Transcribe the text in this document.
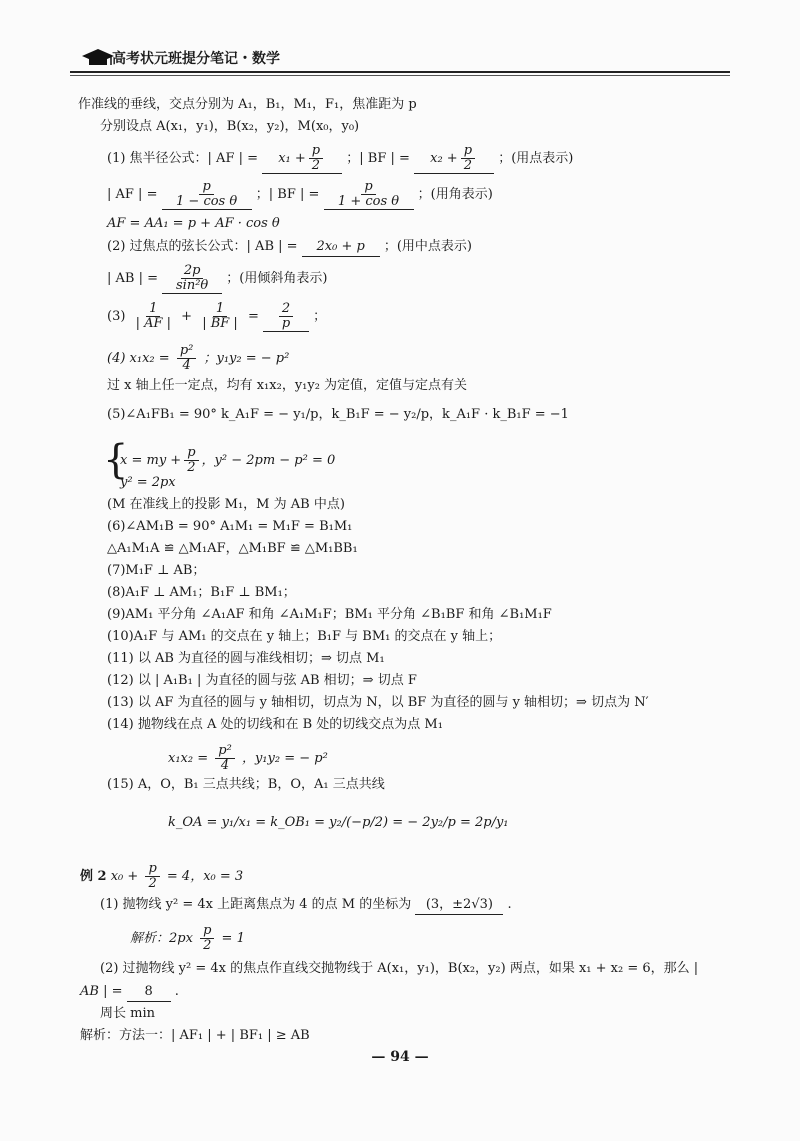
高考状元班提分笔记・数学
作准线的垂线，交点分别为 A₁，B₁，M₁，F₁，焦准距为 p
分别设点 A(x₁，y₁)，B(x₂，y₂)，M(x₀，y₀)
(1) 焦半径公式：| AF | = $x_1 + \frac{p}{2}$ ；| BF | = $x_2 + \frac{p}{2}$ ；(用点表示)
| AF | = $\frac{p}{\text{1 − cos θ}}$ ；| BF | = $\frac{p}{\text{1 + cos θ}}$ ；(用角表示)
AF = AA₁ = p + AF · cos θ
(2) 过焦点的弦长公式：| AB | = 2x₀ + p ；(用中点表示)
| AB | = $\frac{2p}{\text{sin²θ}}$ ；(用倾斜角表示)
$(3) \frac{1}{| AF |} + \frac{1}{| BF |} = \frac{2}{p}$ ；
(4) $x_1x_2 = \frac{\text{p²}}{4}$ ；y₁y₂ = − p²
过 x 轴上任一定点，均有 x₁x₂，y₁y₂ 为定值，定值与定点有关
(5)∠A₁FB₁ = 90° k_A₁F = − y₁/p，k_B₁F = − y₂/p，k_A₁F · k_B₁F = −1
{
x = my + $\frac{p}{2}$ ，y² − 2pm − p² = 0
y² = 2px
(M 在准线上的投影 M₁，M 为 AB 中点)
(6)∠AM₁B = 90° A₁M₁ = M₁F = B₁M₁
△A₁M₁A ≌ △M₁AF，△M₁BF ≌ △M₁BB₁
(7)M₁F ⊥ AB；
(8)A₁F ⊥ AM₁；B₁F ⊥ BM₁；
(9)AM₁ 平分角 ∠A₁AF 和角 ∠A₁M₁F；BM₁ 平分角 ∠B₁BF 和角 ∠B₁M₁F
(10)A₁F 与 AM₁ 的交点在 y 轴上；B₁F 与 BM₁ 的交点在 y 轴上；
(11) 以 AB 为直径的圆与准线相切；⇒ 切点 M₁
(12) 以 | A₁B₁ | 为直径的圆与弦 AB 相切；⇒ 切点 F
(13) 以 AF 为直径的圆与 y 轴相切，切点为 N，以 BF 为直径的圆与 y 轴相切；⇒ 切点为 N′
(14) 抛物线在点 A 处的切线和在 B 处的切线交点为点 M₁
$x_1x_2 = \frac{\text{p²}}{4}$ ，y₁y₂ = − p²
(15) A，O，B₁ 三点共线；B，O，A₁ 三点共线
k_OA = y₁/x₁ = k_OB₁ = y₂/(−p/2) = − 2y₂/p = 2p/y₁
例 2 $x_0 + \frac{p}{2} = 4$，x₀ = 3
(1) 抛物线 y² = 4x 上距离焦点为 4 的点 M 的坐标为 (3，±2√3) .
解析：$2px \frac{p}{2} = 1$
(2) 过抛物线 y² = 4x 的焦点作直线交抛物线于 A(x₁，y₁)，B(x₂，y₂) 两点，如果 x₁ + x₂ = 6，那么 |
AB | = 8 .
周长 min
解析：方法一：| AF₁ | + | BF₁ | ≥ AB
— 94 —
